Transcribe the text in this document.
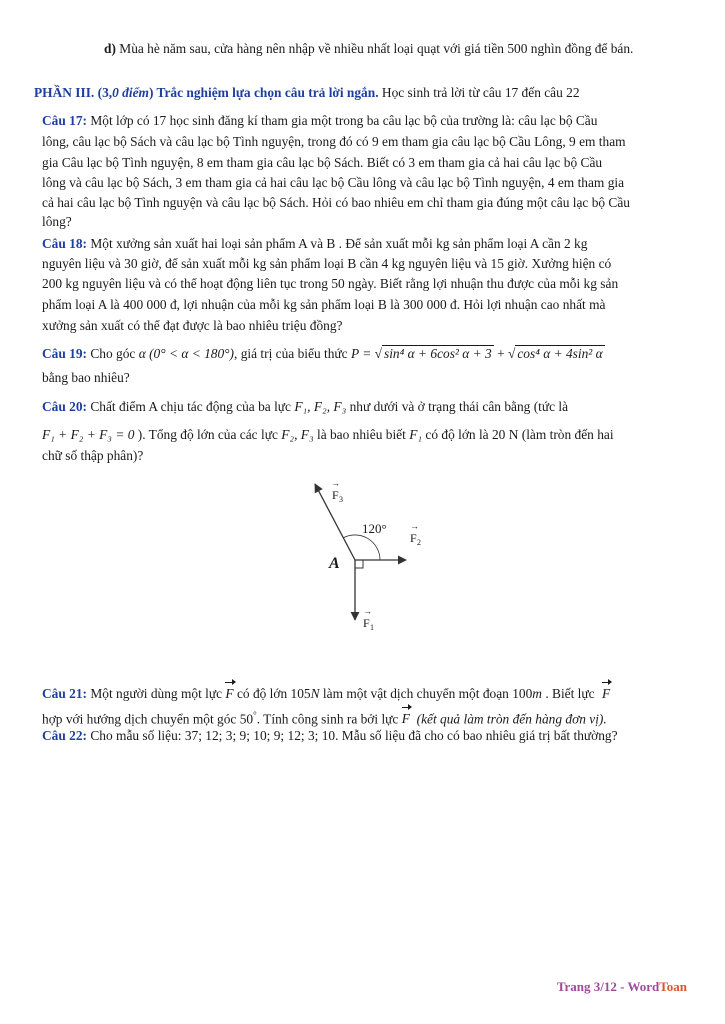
d) Mùa hè năm sau, cửa hàng nên nhập về nhiều nhất loại quạt với giá tiền 500 nghìn đồng để bán.
PHẦN III. (3,0 điểm) Trắc nghiệm lựa chọn câu trả lời ngắn. Học sinh trả lời từ câu 17 đến câu 22
Câu 17: Một lớp có 17 học sinh đăng kí tham gia một trong ba câu lạc bộ của trường là: câu lạc bộ Cầu
lông, câu lạc bộ Sách và câu lạc bộ Tình nguyện, trong đó có 9 em tham gia câu lạc bộ Cầu Lông, 9 em tham
gia Câu lạc bộ Tình nguyện, 8 em tham gia câu lạc bộ Sách. Biết có 3 em tham gia cả hai câu lạc bộ Cầu
lông và câu lạc bộ Sách, 3 em tham gia cả hai câu lạc bộ Cầu lông và câu lạc bộ Tình nguyện, 4 em tham gia
cả hai câu lạc bộ Tình nguyện và câu lạc bộ Sách. Hỏi có bao nhiêu em chỉ tham gia đúng một câu lạc bộ Cầu
lông?
Câu 18: Một xưởng sản xuất hai loại sản phẩm A và B . Để sản xuất mỗi kg sản phẩm loại A cần 2 kg
nguyên liệu và 30 giờ, để sản xuất mỗi kg sản phẩm loại B cần 4 kg nguyên liệu và 15 giờ. Xưởng hiện có
200 kg nguyên liệu và có thể hoạt động liên tục trong 50 ngày. Biết rằng lợi nhuận thu được của mỗi kg sản
phẩm loại A là 400 000 đ, lợi nhuận của mỗi kg sản phẩm loại B là 300 000 đ. Hỏi lợi nhuận cao nhất mà
xưởng sản xuất có thể đạt được là bao nhiêu triệu đồng?
Câu 19: Cho góc α (0° < α < 180°), giá trị của biểu thức P = √ sin⁴ α + 6cos² α + 3 + √ cos⁴ α + 4sin² α
bằng bao nhiêu?
Câu 20: Chất điểm A chịu tác động của ba lực F₁, F₂, F₃ như dưới và ở trạng thái cân bằng (tức là
F₁ + F₂ + F₃ = 0 ). Tổng độ lớn của các lực F₂, F₃ là bao nhiêu biết F₁ có độ lớn là 20 N (làm tròn đến hai
chữ số thập phân)?
120°
A
→
F 3
→
F 2
→
F 1
Câu 21: Một người dùng một lực F có độ lớn 105N làm một vật dịch chuyển một đoạn 100m . Biết lực F
hợp với hướng dịch chuyển một góc 50°. Tính công sinh ra bởi lực F (kết quả làm tròn đến hàng đơn vị).
Câu 22: Cho mẫu số liệu: 37; 12; 3; 9; 10; 9; 12; 3; 10. Mẫu số liệu đã cho có bao nhiêu giá trị bất thường?
Trang 3/12 - WordToan
